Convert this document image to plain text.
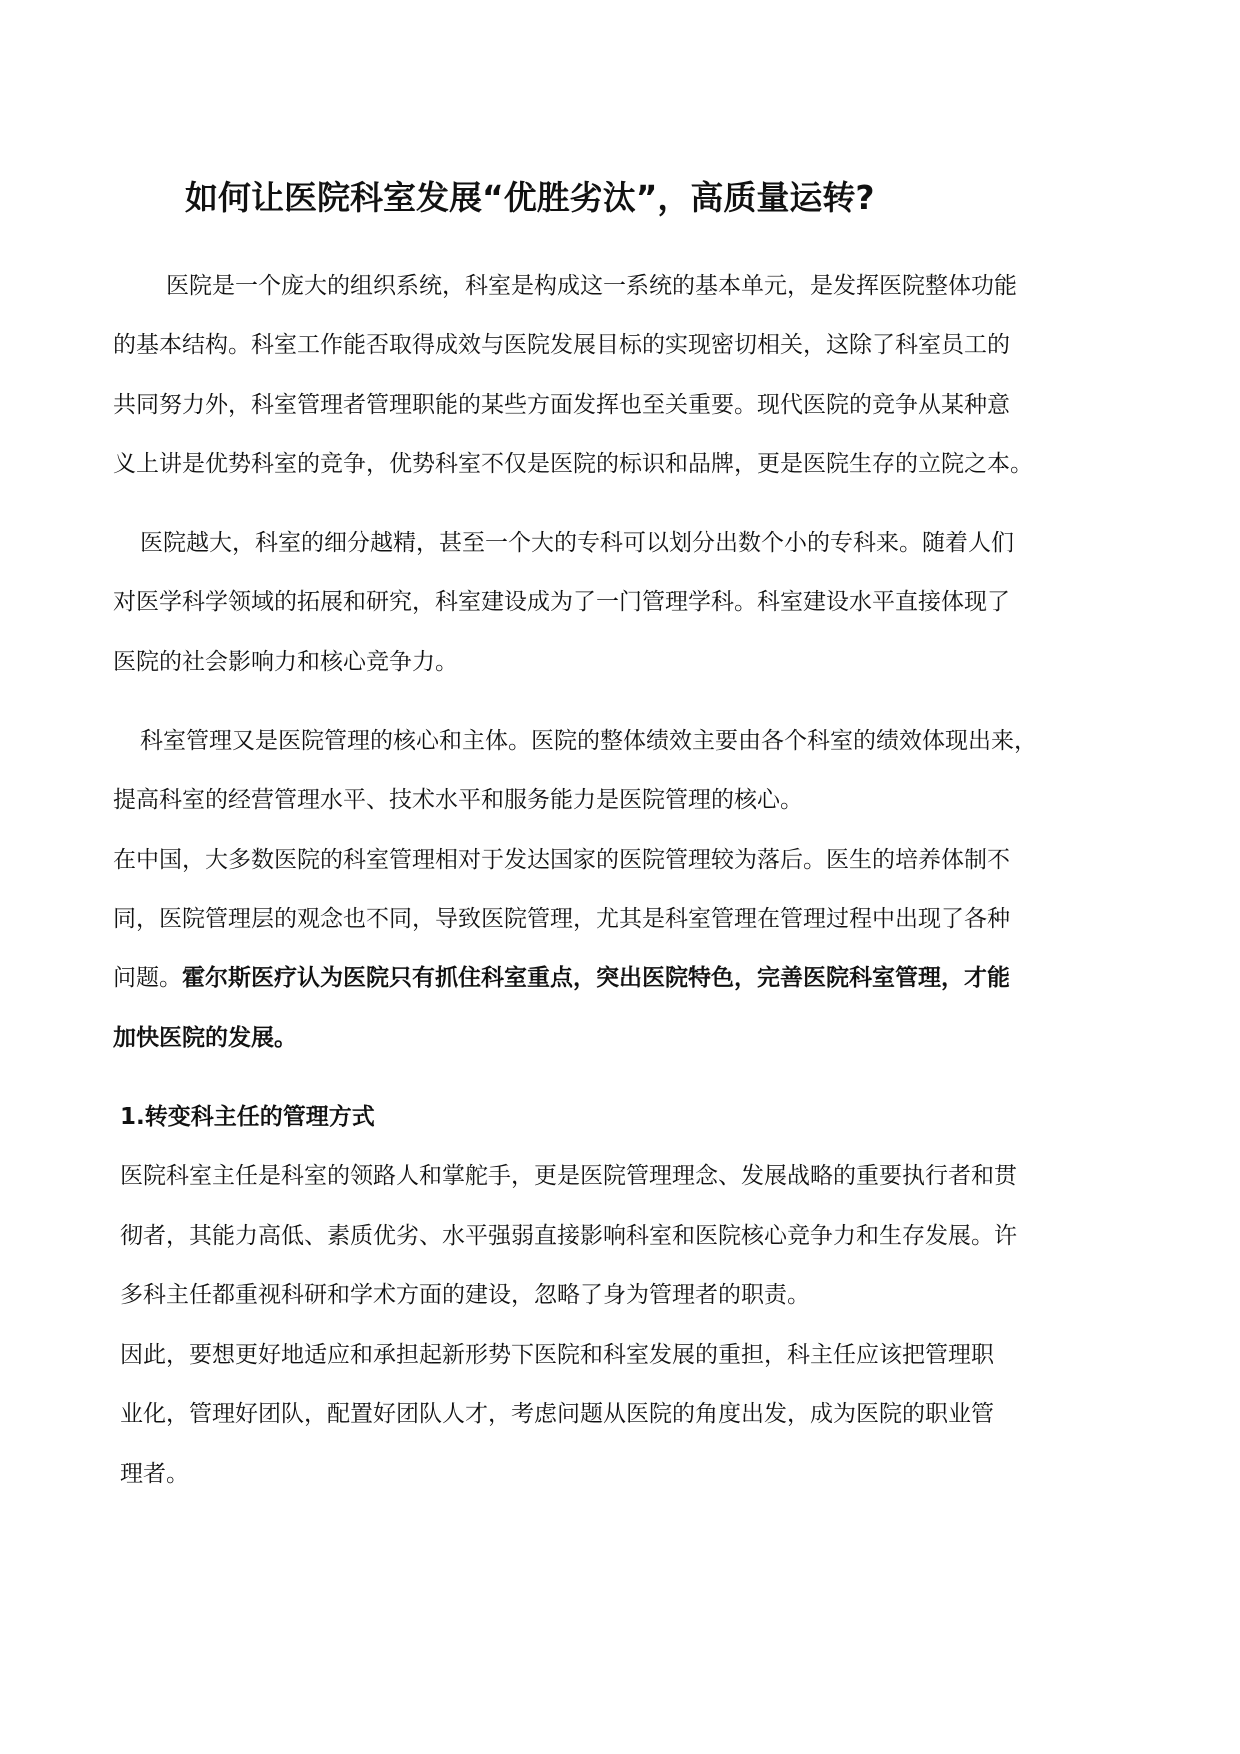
如何让医院科室发展“优胜劣汰”，高质量运转?

医院是一个庞大的组织系统，科室是构成这一系统的基本单元，是发挥医院整体功能

的基本结构。科室工作能否取得成效与医院发展目标的实现密切相关，这除了科室员工的

共同努力外，科室管理者管理职能的某些方面发挥也至关重要。现代医院的竞争从某种意

义上讲是优势科室的竞争，优势科室不仅是医院的标识和品牌，更是医院生存的立院之本。

医院越大，科室的细分越精，甚至一个大的专科可以划分出数个小的专科来。随着人们

对医学科学领域的拓展和研究，科室建设成为了一门管理学科。科室建设水平直接体现了

医院的社会影响力和核心竞争力。

科室管理又是医院管理的核心和主体。医院的整体绩效主要由各个科室的绩效体现出来，

提高科室的经营管理水平、技术水平和服务能力是医院管理的核心。

在中国，大多数医院的科室管理相对于发达国家的医院管理较为落后。医生的培养体制不

同，医院管理层的观念也不同，导致医院管理，尤其是科室管理在管理过程中出现了各种

问题。霍尔斯医疗认为医院只有抓住科室重点，突出医院特色，完善医院科室管理，才能

加快医院的发展。

1.转变科主任的管理方式

医院科室主任是科室的领路人和掌舵手，更是医院管理理念、发展战略的重要执行者和贯

彻者，其能力高低、素质优劣、水平强弱直接影响科室和医院核心竞争力和生存发展。许

多科主任都重视科研和学术方面的建设，忽略了身为管理者的职责。

因此，要想更好地适应和承担起新形势下医院和科室发展的重担，科主任应该把管理职

业化，管理好团队，配置好团队人才，考虑问题从医院的角度出发，成为医院的职业管

理者。
